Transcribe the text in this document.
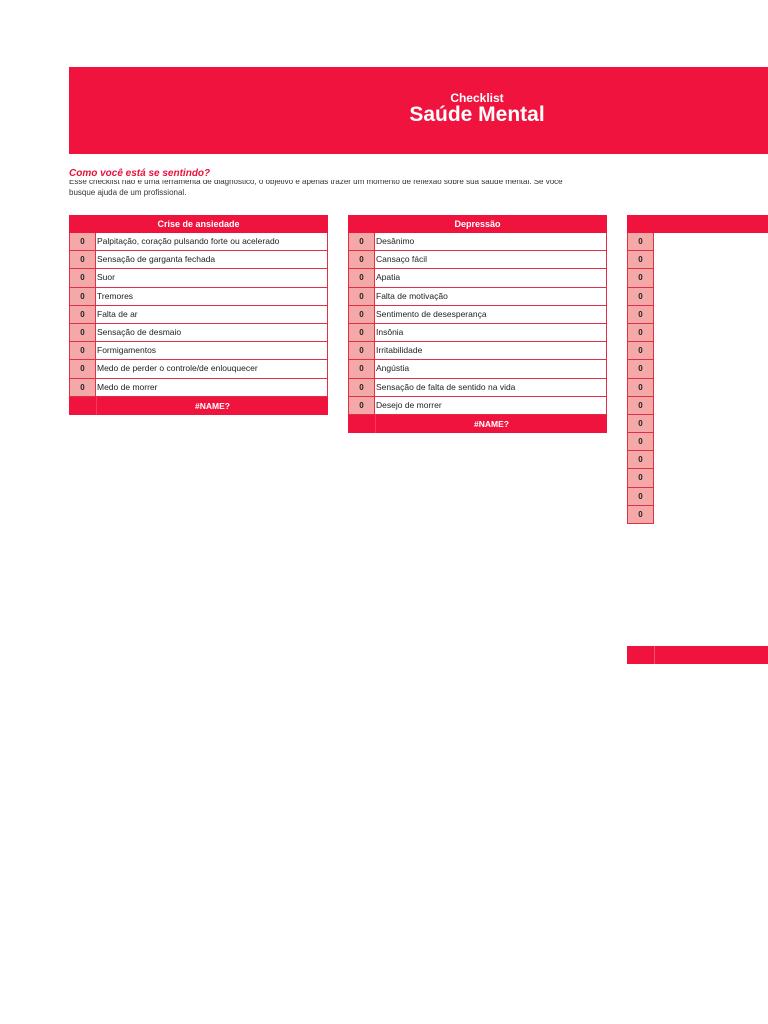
Checklist
Saúde Mental
Como você está se sentindo?
Esse checklist não é uma ferramenta de diagnóstico, o objetivo é apenas trazer um momento de reflexão sobre sua saúde mental. Se você
busque ajuda de um profissional.
Crise de ansiedade
0	Palpitação, coração pulsando forte ou acelerado
0	Sensação de garganta fechada
0	Suor
0	Tremores
0	Falta de ar
0	Sensação de desmaio
0	Formigamentos
0	Medo de perder o controle/de enlouquecer
0	Medo de morrer
#NAME?
Depressão
0	Desânimo
0	Cansaço fácil
0	Apatia
0	Falta de motivação
0	Sentimento de desesperança
0	Insônia
0	Irritabilidade
0	Angústia
0	Sensação de falta de sentido na vida
0	Desejo de morrer
#NAME?
0
0
0
0
0
0
0
0
0
0
0
0
0
0
0
0
